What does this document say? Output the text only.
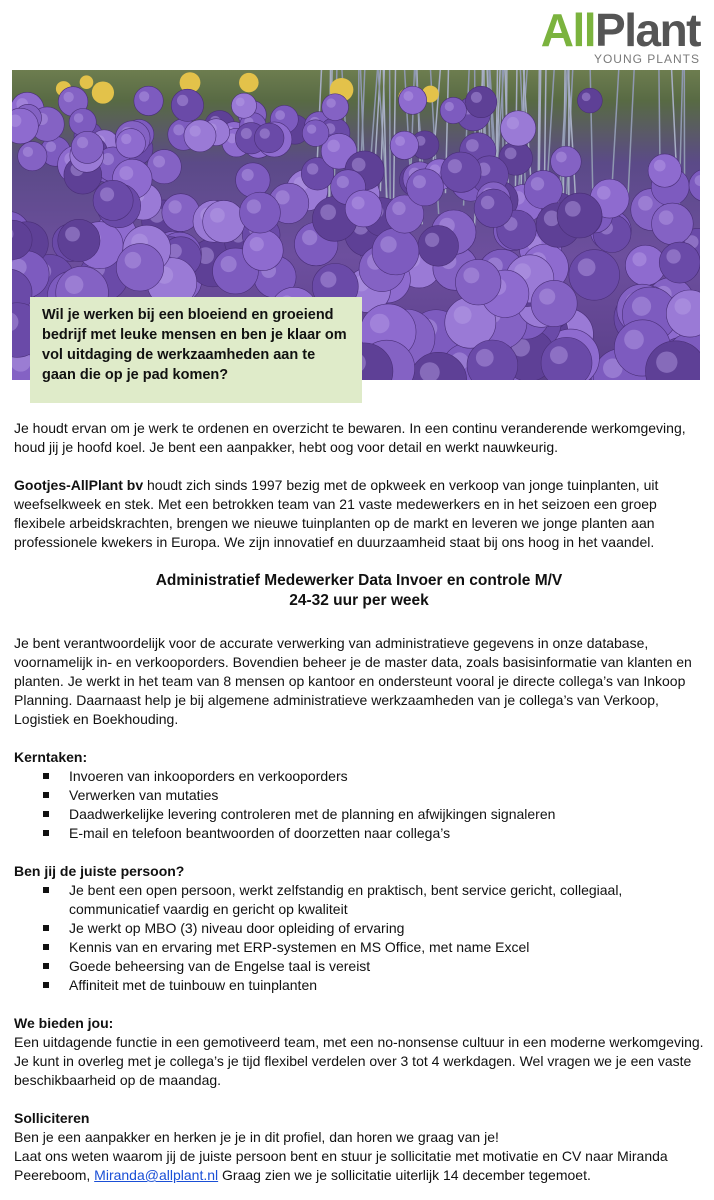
AllPlant
YOUNG PLANTS
Wil je werken bij een bloeiend en groeiend bedrijf met leuke mensen en ben je klaar om vol uitdaging de werkzaamheden aan te gaan die op je pad komen?

Je houdt ervan om je werk te ordenen en overzicht te bewaren. In een continu veranderende werkomgeving, houd jij je hoofd koel. Je bent een aanpakker, hebt oog voor detail en werkt nauwkeurig.

Gootjes-AllPlant bv houdt zich sinds 1997 bezig met de opkweek en verkoop van jonge tuinplanten, uit weefselkweek en stek. Met een betrokken team van 21 vaste medewerkers en in het seizoen een groep flexibele arbeidskrachten, brengen we nieuwe tuinplanten op de markt en leveren we jonge planten aan professionele kwekers in Europa. We zijn innovatief en duurzaamheid staat bij ons hoog in het vaandel.

Administratief Medewerker Data Invoer en controle M/V
24-32 uur per week

Je bent verantwoordelijk voor de accurate verwerking van administratieve gegevens in onze database, voornamelijk in- en verkooporders. Bovendien beheer je de master data, zoals basisinformatie van klanten en planten. Je werkt in het team van 8 mensen op kantoor en ondersteunt vooral je directe collega’s van Inkoop Planning. Daarnaast help je bij algemene administratieve werkzaamheden van je collega’s van Verkoop, Logistiek en Boekhouding.

Kerntaken:

Invoeren van inkooporders en verkooporders
Verwerken van mutaties
Daadwerkelijke levering controleren met de planning en afwijkingen signaleren
E-mail en telefoon beantwoorden of doorzetten naar collega’s

Ben jij de juiste persoon?

Je bent een open persoon, werkt zelfstandig en praktisch, bent service gericht, collegiaal, communicatief vaardig en gericht op kwaliteit
Je werkt op MBO (3) niveau door opleiding of ervaring
Kennis van en ervaring met ERP-systemen en MS Office, met name Excel
Goede beheersing van de Engelse taal is vereist
Affiniteit met de tuinbouw en tuinplanten

We bieden jou:

Een uitdagende functie in een gemotiveerd team, met een no-nonsense cultuur in een moderne werkomgeving. Je kunt in overleg met je collega’s je tijd flexibel verdelen over 3 tot 4 werkdagen. Wel vragen we je een vaste beschikbaarheid op de maandag.

Solliciteren

Ben je een aanpakker en herken je je in dit profiel, dan horen we graag van je!

Laat ons weten waarom jij de juiste persoon bent en stuur je sollicitatie met motivatie en CV naar Miranda Peereboom, Miranda@allplant.nl Graag zien we je sollicitatie uiterlijk 14 december tegemoet.
